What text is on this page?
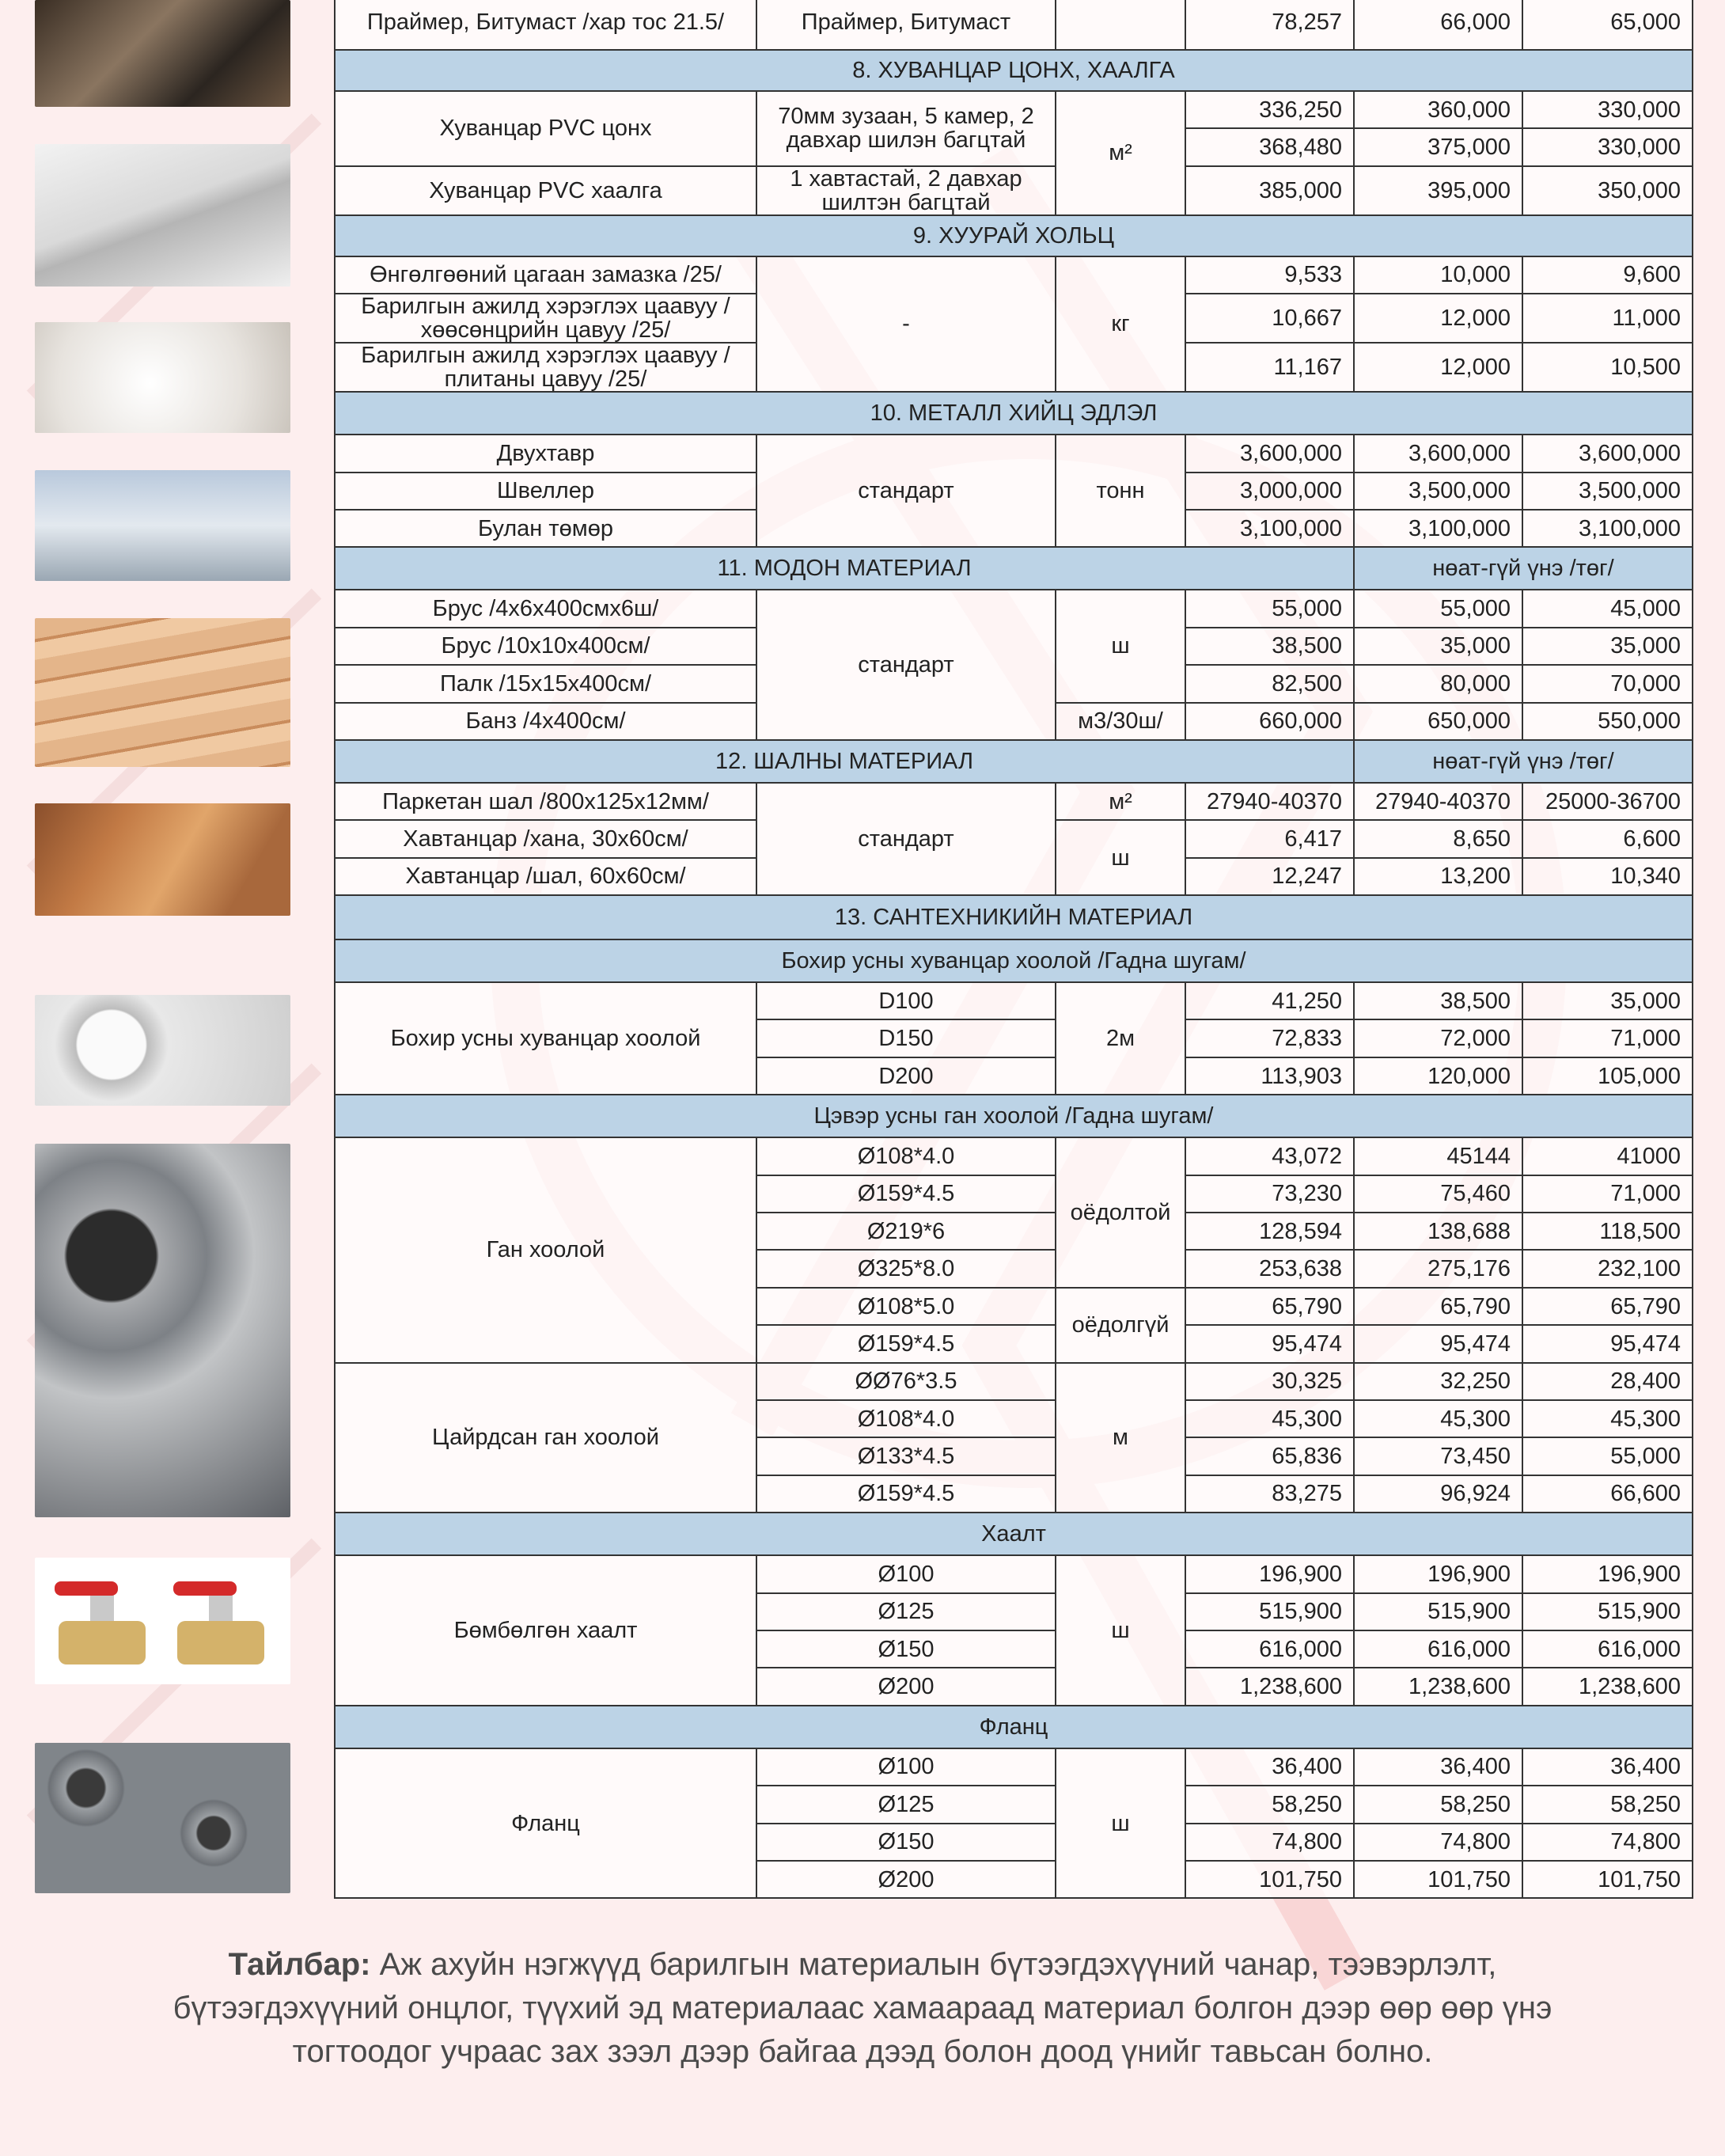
Праймер, Битумаст /хар тос 21.5/	Праймер, Битумаст		78,257	66,000	65,000
8. ХУВАНЦАР ЦОНХ, ХААЛГА					
Хуванцар PVC цонх	70мм зузаан, 5 камер, 2 давхар шилэн багцтай	м²	336,250	360,000	330,000
			368,480	375,000	330,000
Хуванцар PVC хаалга	1 хавтастай, 2 давхар шилтэн багцтай		385,000	395,000	350,000
9. ХУУРАЙ ХОЛЬЦ					
Өнгөлгөөний цагаан замазка /25/	-	кг	9,533	10,000	9,600
Барилгын ажилд хэрэглэх цаавуу / хөөсөнцрийн цавуу /25/			10,667	12,000	11,000
Барилгын ажилд хэрэглэх цаавуу / плитаны цавуу /25/			11,167	12,000	10,500
10. МЕТАЛЛ ХИЙЦ ЭДЛЭЛ					
Двухтавр	стандарт	тонн	3,600,000	3,600,000	3,600,000
Швеллер			3,000,000	3,500,000	3,500,000
Булан төмөр			3,100,000	3,100,000	3,100,000
11. МОДОН МАТЕРИАЛ				нөат-гүй үнэ /төг/	
Брус /4х6х400смх6ш/	стандарт	ш	55,000	55,000	45,000
Брус /10х10х400см/			38,500	35,000	35,000
Палк /15х15х400см/			82,500	80,000	70,000
Банз /4х400см/		м3/30ш/	660,000	650,000	550,000
12. ШАЛНЫ МАТЕРИАЛ				нөат-гүй үнэ /төг/	
Паркетан шал /800х125х12мм/	стандарт	м²	27940-40370	27940-40370	25000-36700
Хавтанцар /хана, 30х60см/		ш	6,417	8,650	6,600
Хавтанцар /шал, 60х60см/			12,247	13,200	10,340
13. САНТЕХНИКИЙН МАТЕРИАЛ					
Бохир усны хуванцар хоолой /Гадна шугам/					
Бохир усны хуванцар хоолой	D100	2м	41,250	38,500	35,000
	D150		72,833	72,000	71,000
	D200		113,903	120,000	105,000
Цэвэр усны ган хоолой /Гадна шугам/					
Ган хоолой	Ø108*4.0	оёдолтой	43,072	45144	41000
	Ø159*4.5		73,230	75,460	71,000
	Ø219*6		128,594	138,688	118,500
	Ø325*8.0		253,638	275,176	232,100
	Ø108*5.0	оёдолгүй	65,790	65,790	65,790
	Ø159*4.5		95,474	95,474	95,474
Цайрдсан ган хоолой	ØØ76*3.5	м	30,325	32,250	28,400
	Ø108*4.0		45,300	45,300	45,300
	Ø133*4.5		65,836	73,450	55,000
	Ø159*4.5		83,275	96,924	66,600
Хаалт					
Бөмбөлгөн хаалт	Ø100	ш	196,900	196,900	196,900
	Ø125		515,900	515,900	515,900
	Ø150		616,000	616,000	616,000
	Ø200		1,238,600	1,238,600	1,238,600
Фланц					
Фланц	Ø100	ш	36,400	36,400	36,400
	Ø125		58,250	58,250	58,250
	Ø150		74,800	74,800	74,800
	Ø200		101,750	101,750	101,750
Тайлбар: Аж ахуйн нэгжүүд барилгын материалын бүтээгдэхүүний чанар, тээвэрлэлт, бүтээгдэхүүний онцлог, түүхий эд материалаас хамаараад материал болгон дээр өөр өөр үнэ тогтоодог учраас зах зээл дээр байгаа дээд болон доод үнийг тавьсан болно.
